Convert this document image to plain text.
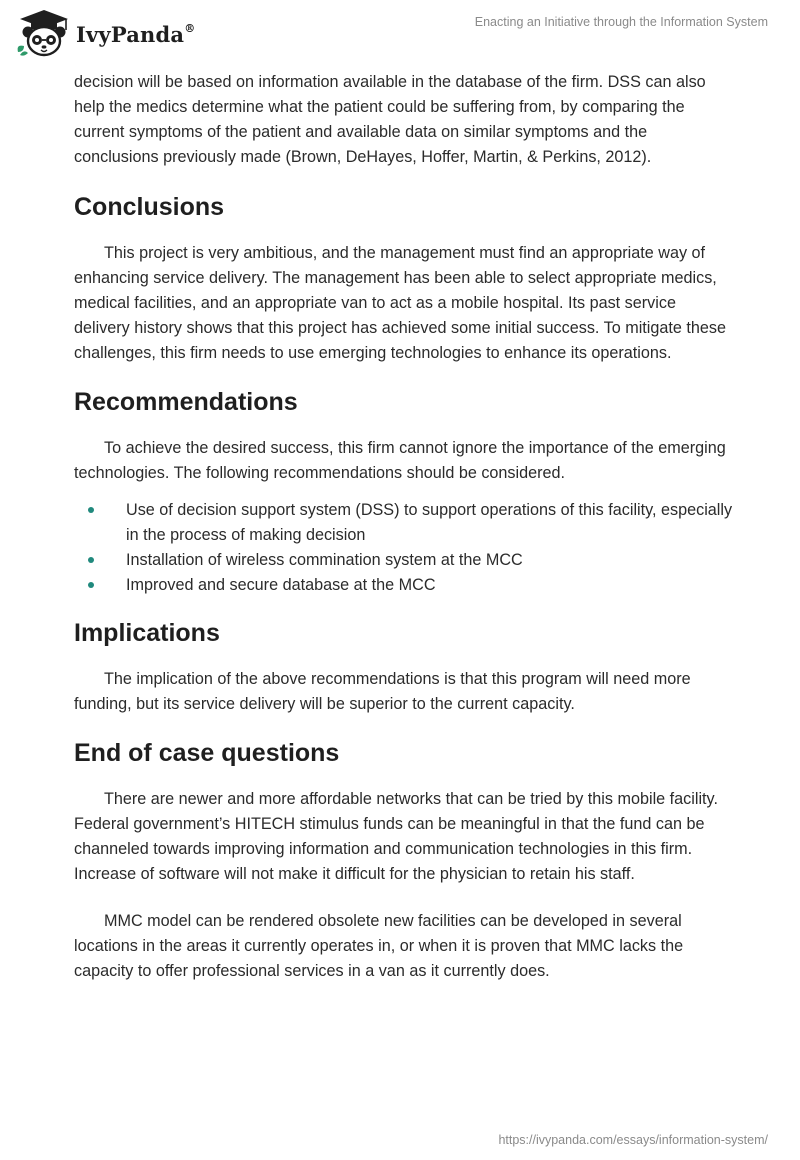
IvyPanda®	Enacting an Initiative through the Information System

decision will be based on information available in the database of the firm. DSS can also help the medics determine what the patient could be suffering from, by comparing the current symptoms of the patient and available data on similar symptoms and the conclusions previously made (Brown, DeHayes, Hoffer, Martin, & Perkins, 2012).

Conclusions

This project is very ambitious, and the management must find an appropriate way of enhancing service delivery. The management has been able to select appropriate medics, medical facilities, and an appropriate van to act as a mobile hospital. Its past service delivery history shows that this project has achieved some initial success. To mitigate these challenges, this firm needs to use emerging technologies to enhance its operations.

Recommendations

To achieve the desired success, this firm cannot ignore the importance of the emerging technologies. The following recommendations should be considered.

Use of decision support system (DSS) to support operations of this facility, especially in the process of making decision
Installation of wireless commination system at the MCC
Improved and secure database at the MCC
Implications

The implication of the above recommendations is that this program will need more funding, but its service delivery will be superior to the current capacity.

End of case questions

There are newer and more affordable networks that can be tried by this mobile facility. Federal government’s HITECH stimulus funds can be meaningful in that the fund can be channeled towards improving information and communication technologies in this firm. Increase of software will not make it difficult for the physician to retain his staff.

MMC model can be rendered obsolete new facilities can be developed in several locations in the areas it currently operates in, or when it is proven that MMC lacks the capacity to offer professional services in a van as it currently does.

https://ivypanda.com/essays/information-system/
